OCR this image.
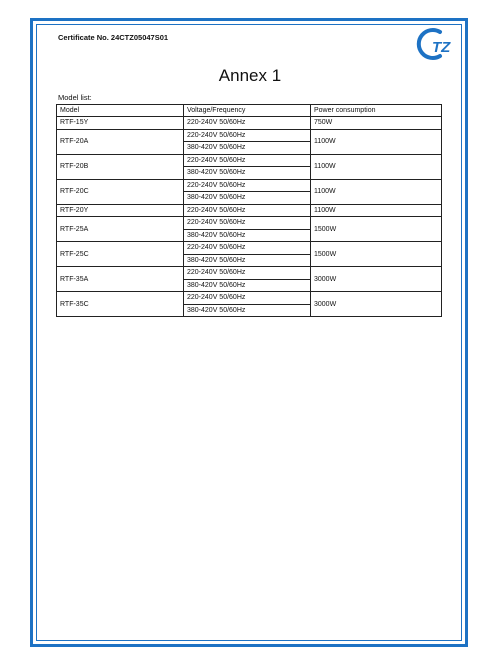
Certificate No. 24CTZ05047S01
TZ
Annex 1
Model list:
Model	Voltage/Frequency	Power consumption
RTF-15Y	220-240V 50/60Hz	750W
RTF-20A	220-240V 50/60Hz
380-420V 50/60Hz	1100W
RTF-20B	220-240V 50/60Hz
380-420V 50/60Hz	1100W
RTF-20C	220-240V 50/60Hz
380-420V 50/60Hz	1100W
RTF-20Y	220-240V 50/60Hz	1100W
RTF-25A	220-240V 50/60Hz
380-420V 50/60Hz	1500W
RTF-25C	220-240V 50/60Hz
380-420V 50/60Hz	1500W
RTF-35A	220-240V 50/60Hz
380-420V 50/60Hz	3000W
RTF-35C	220-240V 50/60Hz
380-420V 50/60Hz	3000W
